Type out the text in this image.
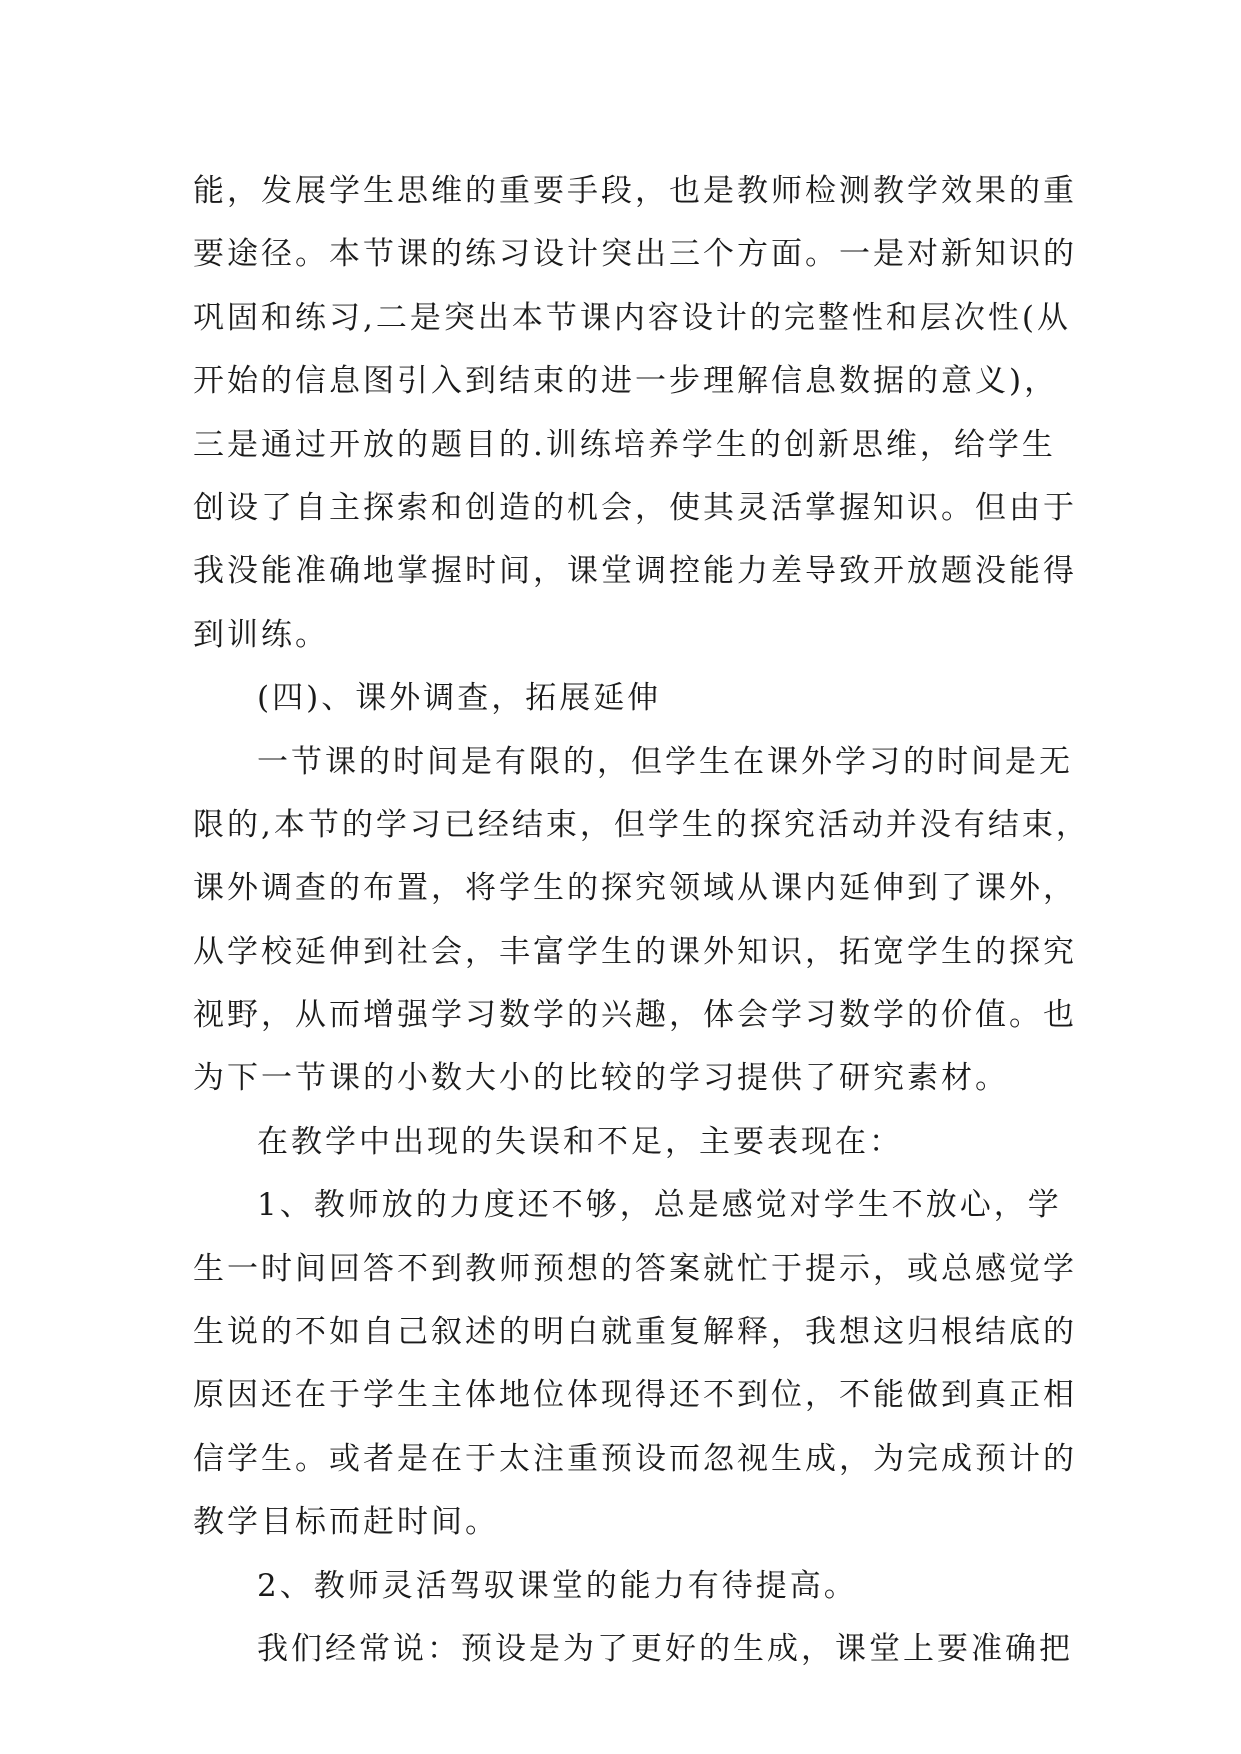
能，发展学生思维的重要手段，也是教师检测教学效果的重
要途径。本节课的练习设计突出三个方面。一是对新知识的
巩固和练习,二是突出本节课内容设计的完整性和层次性(从
开始的信息图引入到结束的进一步理解信息数据的意义)，
三是通过开放的题目的.训练培养学生的创新思维，给学生
创设了自主探索和创造的机会，使其灵活掌握知识。但由于
我没能准确地掌握时间，课堂调控能力差导致开放题没能得
到训练。
(四)、课外调查，拓展延伸
一节课的时间是有限的，但学生在课外学习的时间是无
限的,本节的学习已经结束，但学生的探究活动并没有结束，
课外调查的布置，将学生的探究领域从课内延伸到了课外，
从学校延伸到社会，丰富学生的课外知识，拓宽学生的探究
视野，从而增强学习数学的兴趣，体会学习数学的价值。也
为下一节课的小数大小的比较的学习提供了研究素材。
在教学中出现的失误和不足，主要表现在：
1、教师放的力度还不够，总是感觉对学生不放心，学
生一时间回答不到教师预想的答案就忙于提示，或总感觉学
生说的不如自己叙述的明白就重复解释，我想这归根结底的
原因还在于学生主体地位体现得还不到位，不能做到真正相
信学生。或者是在于太注重预设而忽视生成，为完成预计的
教学目标而赶时间。
2、教师灵活驾驭课堂的能力有待提高。
我们经常说：预设是为了更好的生成，课堂上要准确把
